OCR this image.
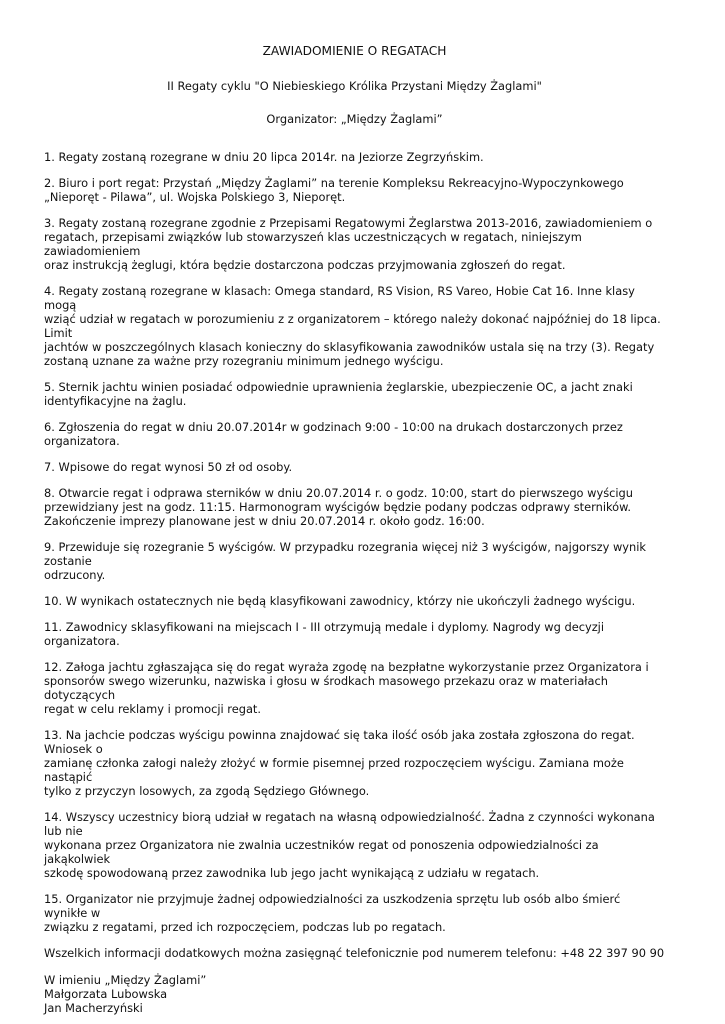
ZAWIADOMIENIE O REGATACH
II Regaty cyklu "O Niebieskiego Królika Przystani Między Żaglami"
Organizator: „Między Żaglami”
1. Regaty zostaną rozegrane w dniu 20 lipca 2014r. na Jeziorze Zegrzyńskim.
2. Biuro i port regat: Przystań „Między Żaglami” na terenie Kompleksu Rekreacyjno-Wypoczynkowego
„Nieporęt - Pilawa”, ul. Wojska Polskiego 3, Nieporęt.
3. Regaty zostaną rozegrane zgodnie z Przepisami Regatowymi Żeglarstwa 2013-2016, zawiadomieniem o
regatach, przepisami związków lub stowarzyszeń klas uczestniczących w regatach, niniejszym zawiadomieniem
oraz instrukcją żeglugi, która będzie dostarczona podczas przyjmowania zgłoszeń do regat.
4. Regaty zostaną rozegrane w klasach: Omega standard, RS Vision, RS Vareo, Hobie Cat 16. Inne klasy mogą
wziąć udział w regatach w porozumieniu z z organizatorem – którego należy dokonać najpóźniej do 18 lipca. Limit
jachtów w poszczególnych klasach konieczny do sklasyfikowania zawodników ustala się na trzy (3). Regaty
zostaną uznane za ważne przy rozegraniu minimum jednego wyścigu.
5. Sternik jachtu winien posiadać odpowiednie uprawnienia żeglarskie, ubezpieczenie OC, a jacht znaki
identyfikacyjne na żaglu.
6. Zgłoszenia do regat w dniu 20.07.2014r w godzinach 9:00 - 10:00 na drukach dostarczonych przez
organizatora.
7. Wpisowe do regat wynosi 50 zł od osoby.
8. Otwarcie regat i odprawa sterników w dniu 20.07.2014 r. o godz. 10:00, start do pierwszego wyścigu
przewidziany jest na godz. 11:15. Harmonogram wyścigów będzie podany podczas odprawy sterników.
Zakończenie imprezy planowane jest w dniu 20.07.2014 r. około godz. 16:00.
9. Przewiduje się rozegranie 5 wyścigów. W przypadku rozegrania więcej niż 3 wyścigów, najgorszy wynik zostanie
odrzucony.
10. W wynikach ostatecznych nie będą klasyfikowani zawodnicy, którzy nie ukończyli żadnego wyścigu.
11. Zawodnicy sklasyfikowani na miejscach I - III otrzymują medale i dyplomy. Nagrody wg decyzji organizatora.
12. Załoga jachtu zgłaszająca się do regat wyraża zgodę na bezpłatne wykorzystanie przez Organizatora i
sponsorów swego wizerunku, nazwiska i głosu w środkach masowego przekazu oraz w materiałach dotyczących
regat w celu reklamy i promocji regat.
13. Na jachcie podczas wyścigu powinna znajdować się taka ilość osób jaka została zgłoszona do regat. Wniosek o
zamianę członka załogi należy złożyć w formie pisemnej przed rozpoczęciem wyścigu. Zamiana może nastąpić
tylko z przyczyn losowych, za zgodą Sędziego Głównego.
14. Wszyscy uczestnicy biorą udział w regatach na własną odpowiedzialność. Żadna z czynności wykonana lub nie
wykonana przez Organizatora nie zwalnia uczestników regat od ponoszenia odpowiedzialności za jakąkolwiek
szkodę spowodowaną przez zawodnika lub jego jacht wynikającą z udziału w regatach.
15. Organizator nie przyjmuje żadnej odpowiedzialności za uszkodzenia sprzętu lub osób albo śmierć wynikłe w
związku z regatami, przed ich rozpoczęciem, podczas lub po regatach.
Wszelkich informacji dodatkowych można zasięgnąć telefonicznie pod numerem telefonu: +48 22 397 90 90
W imieniu „Między Żaglami”
Małgorzata Lubowska
Jan Macherzyński
